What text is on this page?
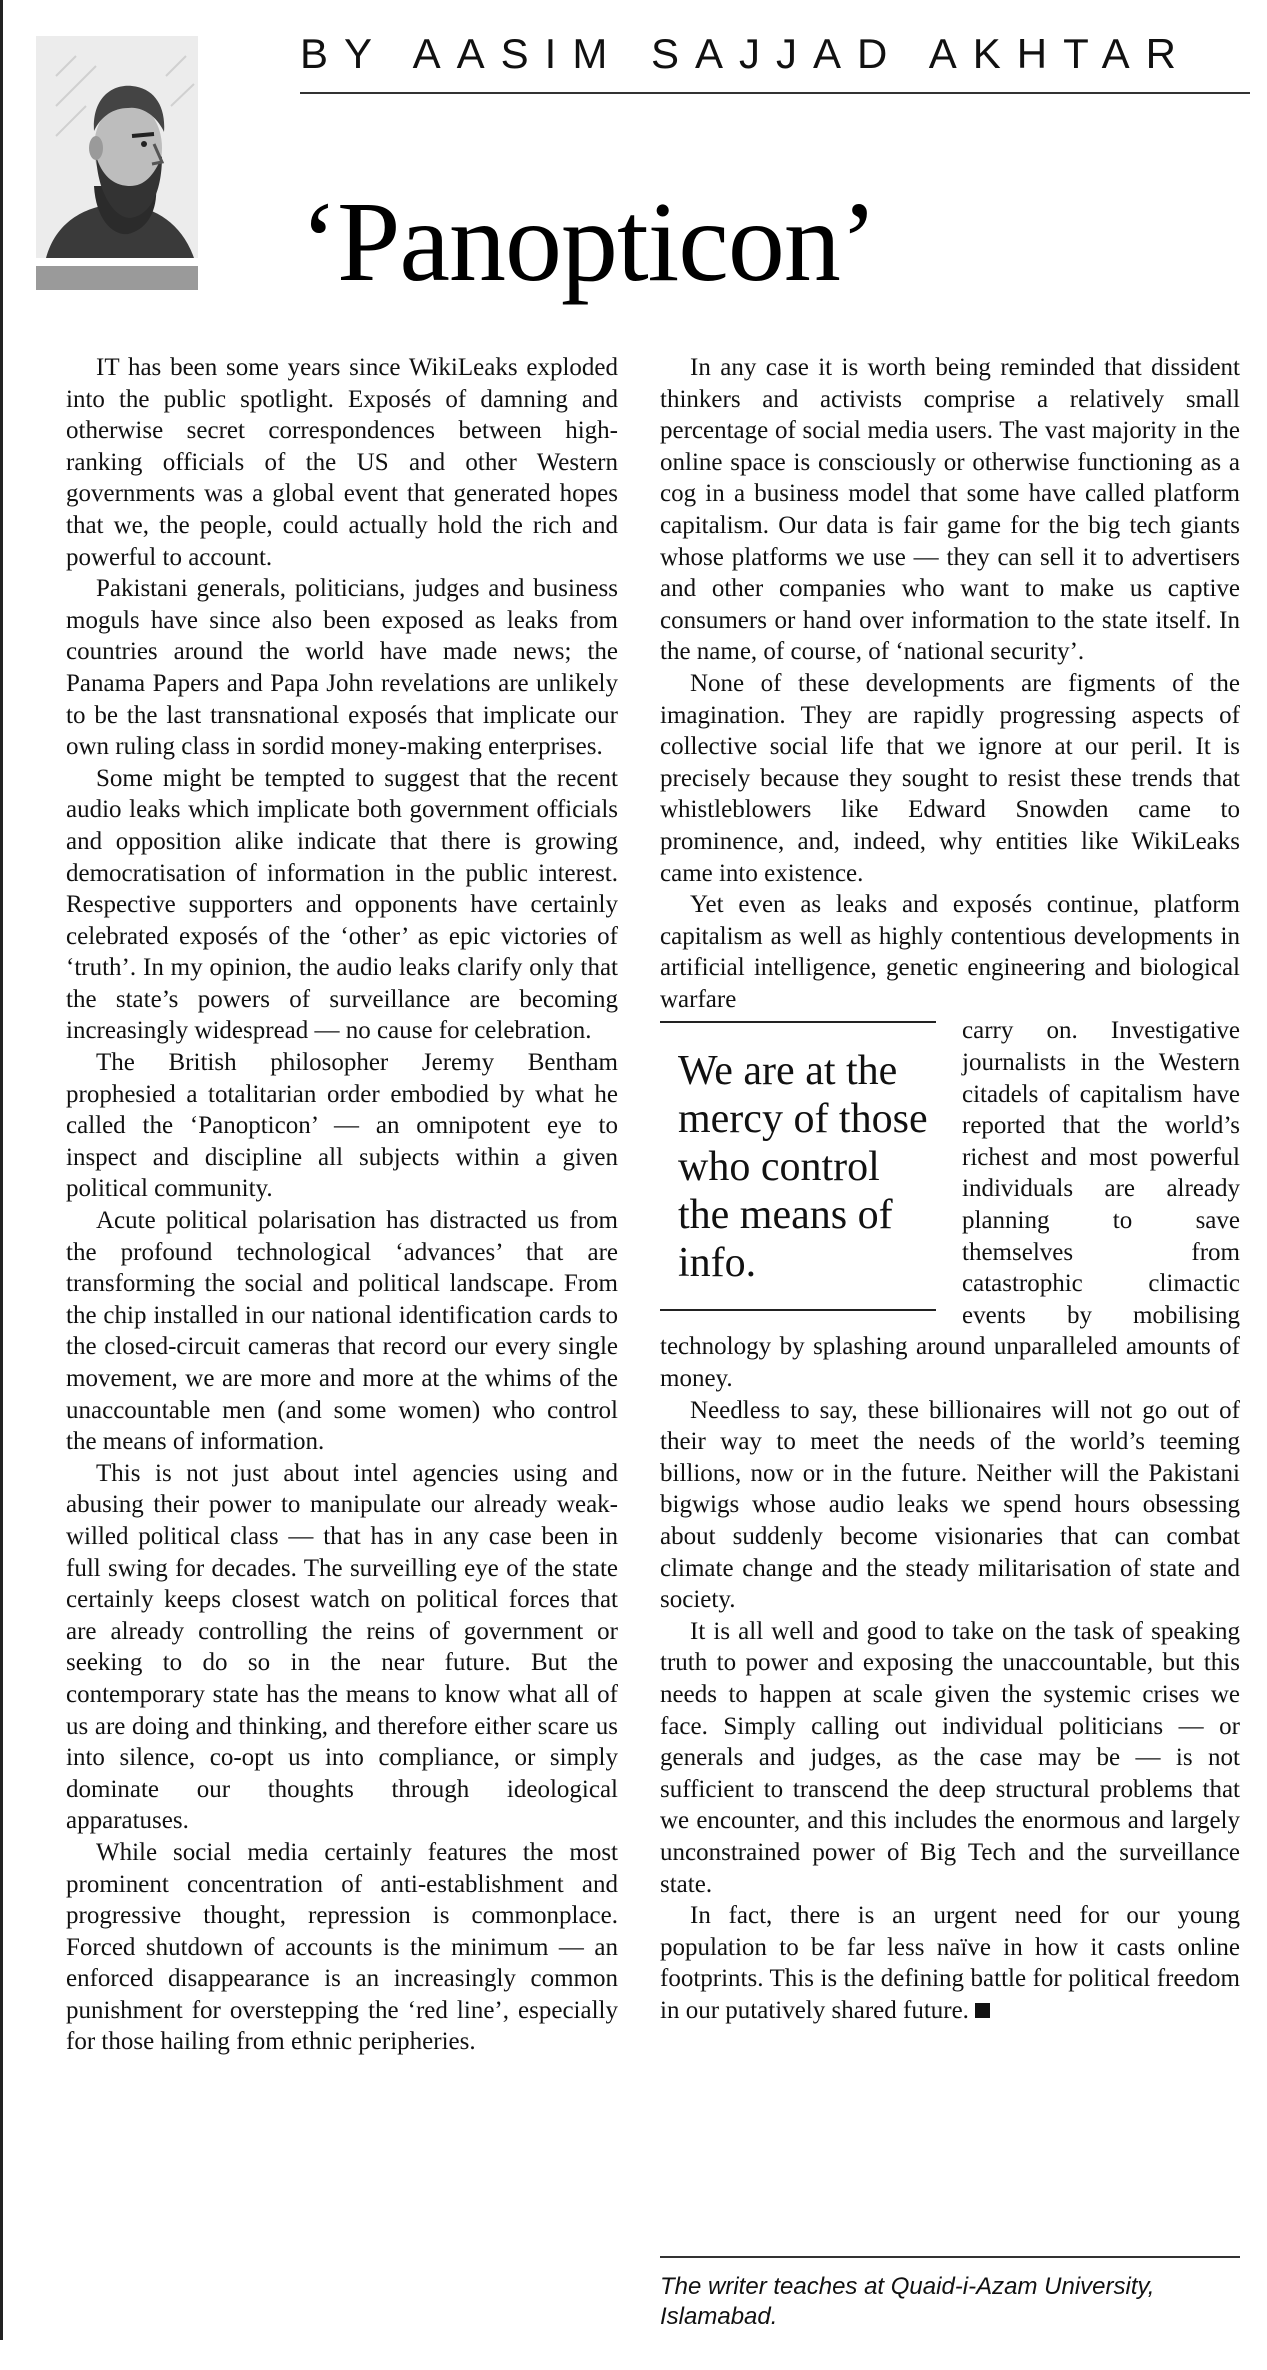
BY AASIM SAJJAD AKHTAR
‘Panopticon’

IT has been some years since WikiLeaks exploded into the public spotlight. Exposés of damning and otherwise secret correspondences between high-ranking officials of the US and other Western governments was a global event that generated hopes that we, the people, could actually hold the rich and powerful to account.

Pakistani generals, politicians, judges and business moguls have since also been exposed as leaks from countries around the world have made news; the Panama Papers and Papa John revelations are unlikely to be the last transnational exposés that implicate our own ruling class in sordid money-making enterprises.

Some might be tempted to suggest that the recent audio leaks which implicate both government officials and opposition alike indicate that there is growing democratisation of information in the public interest. Respective supporters and opponents have certainly celebrated exposés of the ‘other’ as epic victories of ‘truth’. In my opinion, the audio leaks clarify only that the state’s powers of surveillance are becoming increasingly widespread — no cause for celebration.

The British philosopher Jeremy Bentham prophesied a totalitarian order embodied by what he called the ‘Panopticon’ — an omnipotent eye to inspect and discipline all subjects within a given political community.

Acute political polarisation has distracted us from the profound technological ‘advances’ that are transforming the social and political landscape. From the chip installed in our national identification cards to the closed-circuit cameras that record our every single movement, we are more and more at the whims of the unaccountable men (and some women) who control the means of information.

This is not just about intel agencies using and abusing their power to manipulate our already weak-willed political class — that has in any case been in full swing for decades. The surveilling eye of the state certainly keeps closest watch on political forces that are already controlling the reins of government or seeking to do so in the near future. But the contemporary state has the means to know what all of us are doing and thinking, and therefore either scare us into silence, co-opt us into compliance, or simply dominate our thoughts through ideological apparatuses.

While social media certainly features the most prominent concentration of anti-establishment and progressive thought, repression is commonplace. Forced shutdown of accounts is the minimum — an enforced disappearance is an increasingly common punishment for overstepping the ‘red line’, especially for those hailing from ethnic peripheries.

In any case it is worth being reminded that dissident thinkers and activists comprise a relatively small percentage of social media users. The vast majority in the online space is consciously or otherwise functioning as a cog in a business model that some have called platform capitalism. Our data is fair game for the big tech giants whose platforms we use — they can sell it to advertisers and other companies who want to make us captive consumers or hand over information to the state itself. In the name, of course, of ‘national security’.

None of these developments are figments of the imagination. They are rapidly progressing aspects of collective social life that we ignore at our peril. It is precisely because they sought to resist these trends that whistleblowers like Edward Snowden came to prominence, and, indeed, why entities like WikiLeaks came into existence.

Yet even as leaks and exposés continue, platform capitalism as well as highly contentious developments in artificial intelligence, genetic engineering and biological warfare

We are at the mercy of those who control the means of info.

carry on. Investigative journalists in the Western citadels of capitalism have reported that the world’s richest and most powerful individuals are already planning to save themselves from catastrophic climactic events by mobilising technology by splashing around unparalleled amounts of money.

Needless to say, these billionaires will not go out of their way to meet the needs of the world’s teeming billions, now or in the future. Neither will the Pakistani bigwigs whose audio leaks we spend hours obsessing about suddenly become visionaries that can combat climate change and the steady militarisation of state and society.

It is all well and good to take on the task of speaking truth to power and exposing the unaccountable, but this needs to happen at scale given the systemic crises we face. Simply calling out individual politicians — or generals and judges, as the case may be — is not sufficient to transcend the deep structural problems that we encounter, and this includes the enormous and largely unconstrained power of Big Tech and the surveillance state.

In fact, there is an urgent need for our young population to be far less naïve in how it casts online footprints. This is the defining battle for political freedom in our putatively shared future.

The writer teaches at Quaid-i-Azam University, Islamabad.
